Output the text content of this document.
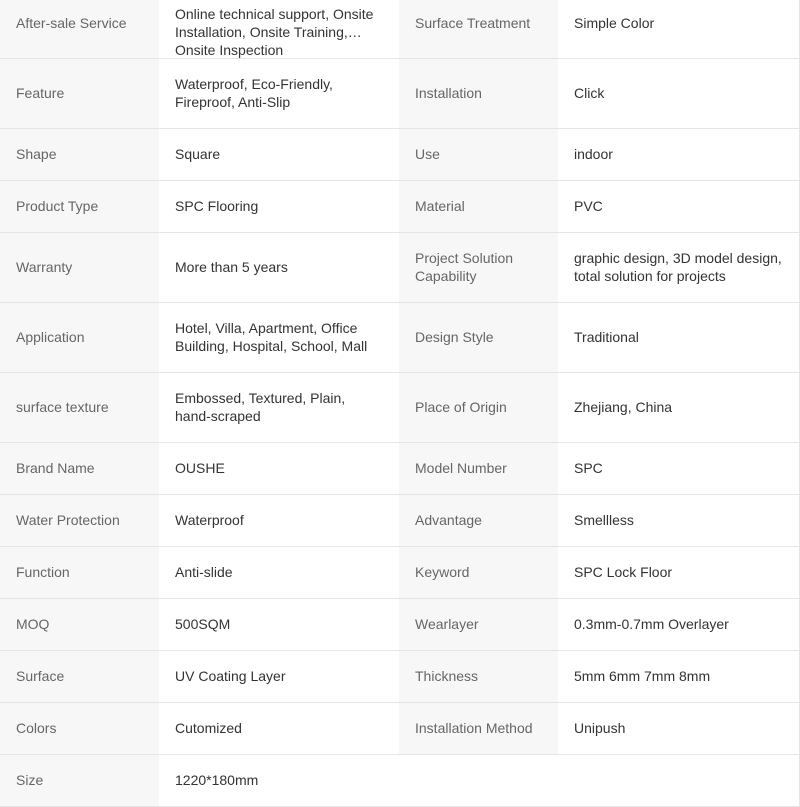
After-sale Service	Online technical support, Onsite Installation, Onsite Training, Onsite Inspection	Surface Treatment	Simple Color

Feature	Waterproof, Eco-Friendly, Fireproof, Anti-Slip	Installation	Click

Shape	Square	Use	indoor

Product Type	SPC Flooring	Material	PVC

Warranty	More than 5 years	Project Solution Capability	graphic design, 3D model design, total solution for projects

Application	Hotel, Villa, Apartment, Office Building, Hospital, School, Mall	Design Style	Traditional

surface texture	Embossed, Textured, Plain, hand-scraped	Place of Origin	Zhejiang, China

Brand Name	OUSHE	Model Number	SPC

Water Protection	Waterproof	Advantage	Smellless

Function	Anti-slide	Keyword	SPC Lock Floor

MOQ	500SQM	Wearlayer	0.3mm-0.7mm Overlayer

Surface	UV Coating Layer	Thickness	5mm 6mm 7mm 8mm

Colors	Cutomized	Installation Method	Unipush

Size	1220*180mm		
